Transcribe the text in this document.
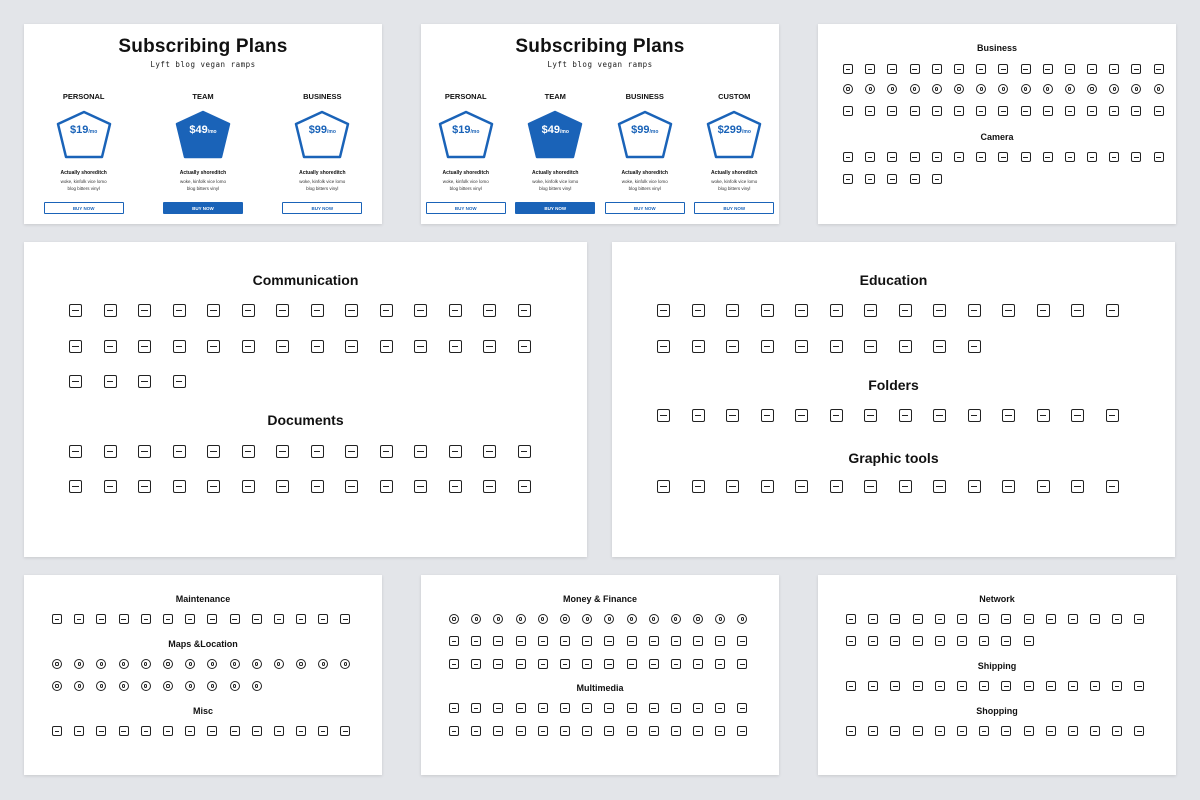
Subscribing Plans
Lyft blog vegan ramps
PERSONAL
$19/mo
Actually shoreditch
woke, kinfolk vice lomo
blog bitters vinyl
BUY NOW
TEAM
$49/mo
Actually shoreditch
woke, kinfolk vice lomo
blog bitters vinyl
BUY NOW
BUSINESS
$99/mo
Actually shoreditch
woke, kinfolk vice lomo
blog bitters vinyl
BUY NOW
Subscribing Plans
Lyft blog vegan ramps
PERSONAL
$19/mo
Actually shoreditch
woke, kinfolk vice lomo
blog bitters vinyl
BUY NOW
TEAM
$49/mo
Actually shoreditch
woke, kinfolk vice lomo
blog bitters vinyl
BUY NOW
BUSINESS
$99/mo
Actually shoreditch
woke, kinfolk vice lomo
blog bitters vinyl
BUY NOW
CUSTOM
$299/mo
Actually shoreditch
woke, kinfolk vice lomo
blog bitters vinyl
BUY NOW
Business
Camera
Communication
Documents
Education
Folders
Graphic tools
Maintenance
Maps &Location
Misc
Money & Finance
Multimedia
Network
Shipping
Shopping
